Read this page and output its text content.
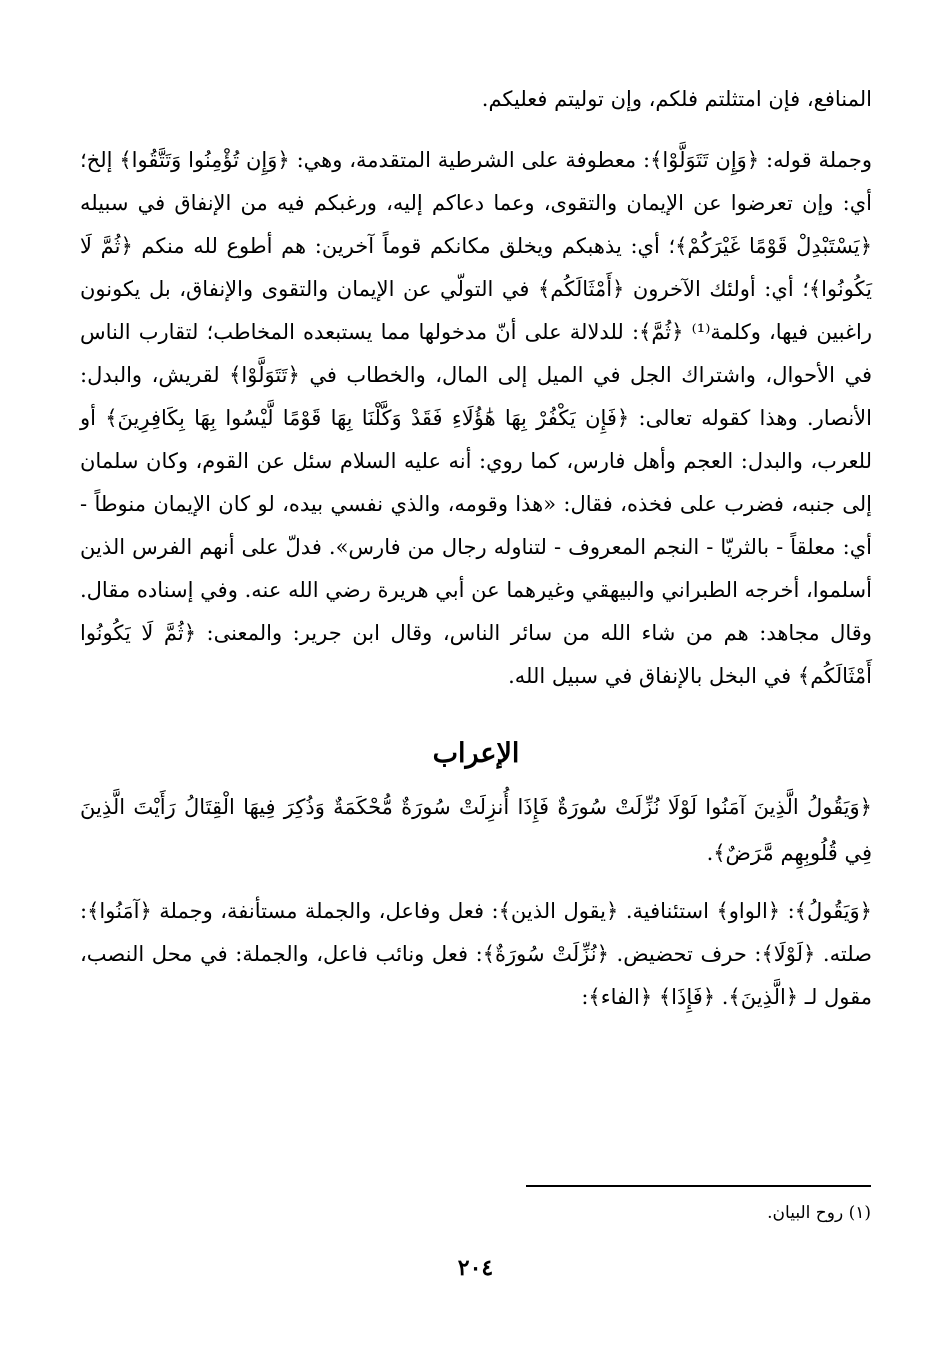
المنافع، فإن امتثلتم فلكم، وإن توليتم فعليكم.

وجملة قوله: ﴿وَإِن تَتَوَلَّوْا﴾: معطوفة على الشرطية المتقدمة، وهي: ﴿وَإِن تُؤْمِنُوا وَتَتَّقُوا﴾ إلخ؛ أي: وإن تعرضوا عن الإيمان والتقوى، وعما دعاكم إليه، ورغبكم فيه من الإنفاق في سبيله ﴿يَسْتَبْدِلْ قَوْمًا غَيْرَكُمْ﴾؛ أي: يذهبكم ويخلق مكانكم قوماً آخرين: هم أطوع لله منكم ﴿ثُمَّ لَا يَكُونُوا﴾؛ أي: أولئك الآخرون ﴿أَمْثَالَكُم﴾ في التولّي عن الإيمان والتقوى والإنفاق، بل يكونون راغبين فيها، وكلمة⁽¹⁾ ﴿ثُمَّ﴾: للدلالة على أنّ مدخولها مما يستبعده المخاطب؛ لتقارب الناس في الأحوال، واشتراك الجل في الميل إلى المال، والخطاب في ﴿تَتَوَلَّوْا﴾ لقريش، والبدل: الأنصار. وهذا كقوله تعالى: ﴿فَإِن يَكْفُرْ بِهَا هَٰؤُلَاءِ فَقَدْ وَكَّلْنَا بِهَا قَوْمًا لَّيْسُوا بِهَا بِكَافِرِينَ﴾ أو للعرب، والبدل: العجم وأهل فارس، كما روي: أنه عليه السلام سئل عن القوم، وكان سلمان إلى جنبه، فضرب على فخذه، فقال: «هذا وقومه، والذي نفسي بيده، لو كان الإيمان منوطاً - أي: معلقاً - بالثريّا - النجم المعروف - لتناوله رجال من فارس». فدلّ على أنهم الفرس الذين أسلموا، أخرجه الطبراني والبيهقي وغيرهما عن أبي هريرة رضي الله عنه. وفي إسناده مقال. وقال مجاهد: هم من شاء الله من سائر الناس، وقال ابن جرير: والمعنى: ﴿ثُمَّ لَا يَكُونُوا أَمْثَالَكُم﴾ في البخل بالإنفاق في سبيل الله.

الإعراب

﴿وَيَقُولُ الَّذِينَ آمَنُوا لَوْلَا نُزِّلَتْ سُورَةٌ فَإِذَا أُنزِلَتْ سُورَةٌ مُّحْكَمَةٌ وَذُكِرَ فِيهَا الْقِتَالُ رَأَيْتَ الَّذِينَ فِي قُلُوبِهِم مَّرَضٌ﴾.

﴿وَيَقُولُ﴾: ﴿الواو﴾ استئنافية. ﴿يقول الذين﴾: فعل وفاعل، والجملة مستأنفة، وجملة ﴿آمَنُوا﴾: صلته. ﴿لَوْلَا﴾: حرف تحضيض. ﴿نُزِّلَتْ سُورَةٌ﴾: فعل ونائب فاعل، والجملة: في محل النصب، مقول لـ ﴿الَّذِينَ﴾. ﴿فَإِذَا﴾ ﴿الفاء﴾:

(١) روح البيان.
٢٠٤
